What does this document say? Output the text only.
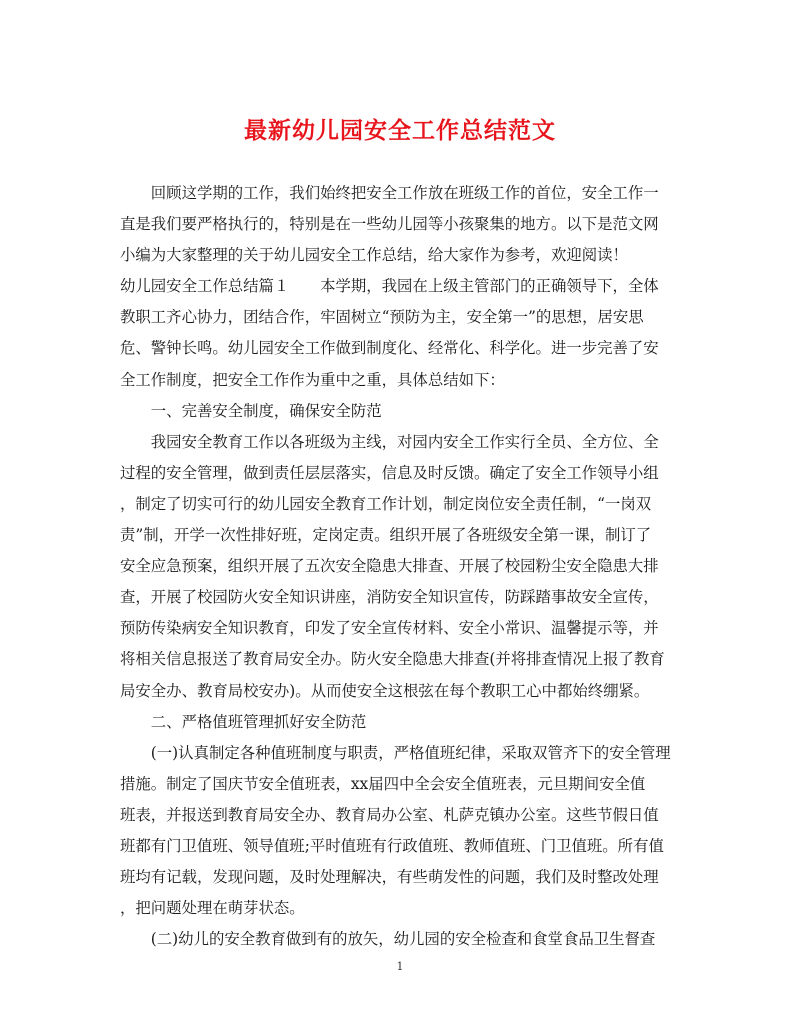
最新幼儿园安全工作总结范文
　　回顾这学期的工作，我们始终把安全工作放在班级工作的首位，安全工作一
直是我们要严格执行的，特别是在一些幼儿园等小孩聚集的地方。以下是范文网
小编为大家整理的关于幼儿园安全工作总结，给大家作为参考，欢迎阅读！
幼儿园安全工作总结篇１　　本学期，我园在上级主管部门的正确领导下，全体
教职工齐心协力，团结合作，牢固树立“预防为主，安全第一”的思想，居安思
危、警钟长鸣。幼儿园安全工作做到制度化、经常化、科学化。进一步完善了安
全工作制度，把安全工作作为重中之重，具体总结如下：
　　一、完善安全制度，确保安全防范
　　我园安全教育工作以各班级为主线，对园内安全工作实行全员、全方位、全
过程的安全管理，做到责任层层落实，信息及时反馈。确定了安全工作领导小组
，制定了切实可行的幼儿园安全教育工作计划，制定岗位安全责任制，“一岗双
责”制，开学一次性排好班，定岗定责。组织开展了各班级安全第一课，制订了
安全应急预案，组织开展了五次安全隐患大排查、开展了校园粉尘安全隐患大排
查，开展了校园防火安全知识讲座，消防安全知识宣传，防踩踏事故安全宣传，
预防传染病安全知识教育，印发了安全宣传材料、安全小常识、温馨提示等，并
将相关信息报送了教育局安全办。防火安全隐患大排查(并将排查情况上报了教育
局安全办、教育局校安办)。从而使安全这根弦在每个教职工心中都始终绷紧。
　　二、严格值班管理抓好安全防范
　　(一)认真制定各种值班制度与职责，严格值班纪律，采取双管齐下的安全管理
措施。制定了国庆节安全值班表，xx届四中全会安全值班表，元旦期间安全值
班表，并报送到教育局安全办、教育局办公室、札萨克镇办公室。这些节假日值
班都有门卫值班、领导值班;平时值班有行政值班、教师值班、门卫值班。所有值
班均有记载，发现问题，及时处理解决，有些萌发性的问题，我们及时整改处理
，把问题处理在萌芽状态。
　　(二)幼儿的安全教育做到有的放矢，幼儿园的安全检查和食堂食品卫生督查
1
